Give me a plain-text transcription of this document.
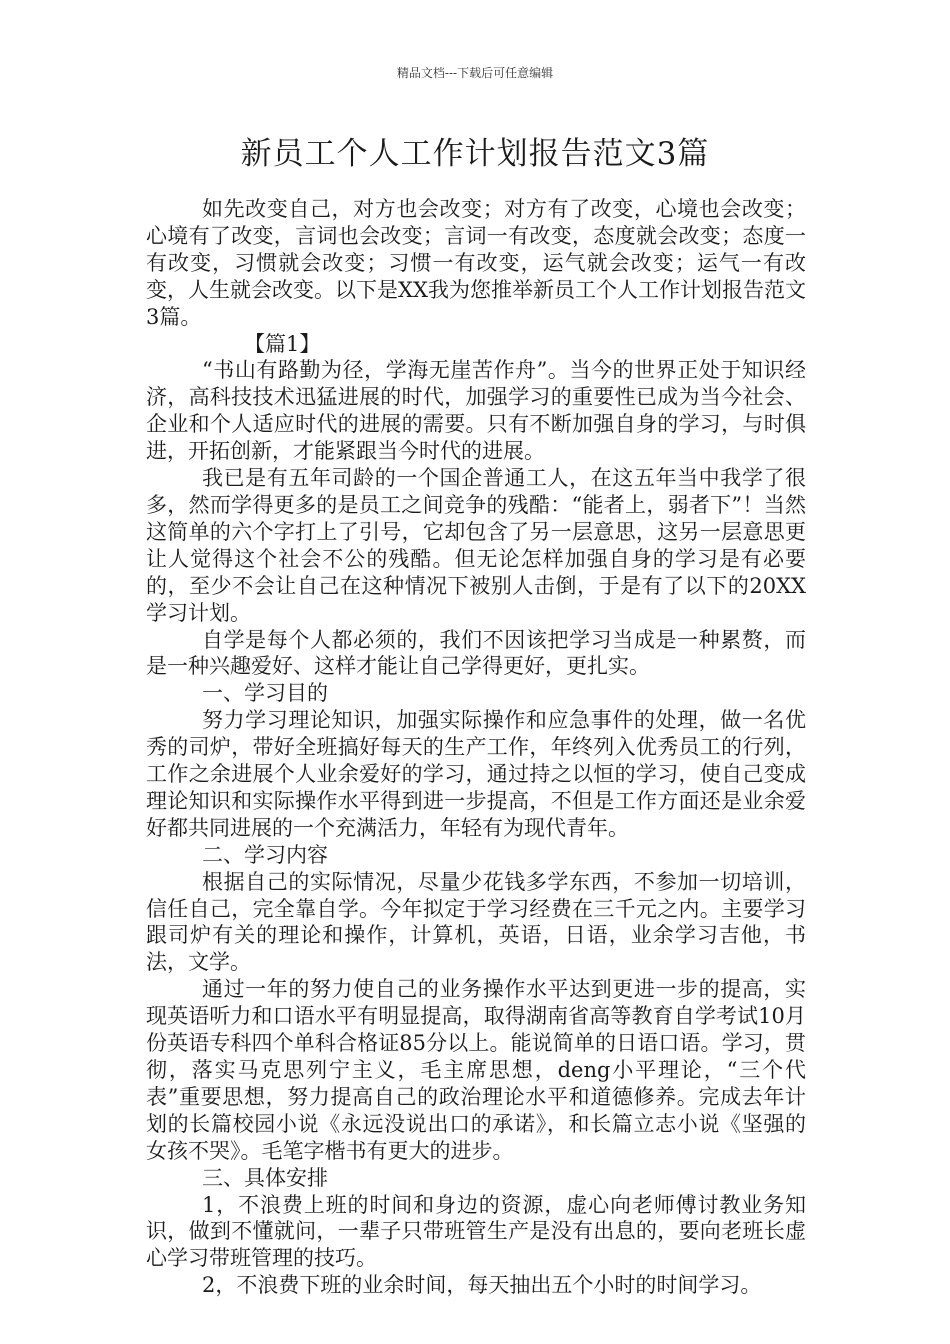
精品文档---下载后可任意编辑
新员工个人工作计划报告范文3篇

如先改变自己，对方也会改变；对方有了改变，心境也会改变；心境有了改变，言词也会改变；言词一有改变，态度就会改变；态度一有改变，习惯就会改变；习惯一有改变，运气就会改变；运气一有改变，人生就会改变。以下是XX我为您推举新员工个人工作计划报告范文3篇。

【篇1】

“书山有路勤为径，学海无崖苦作舟”。当今的世界正处于知识经济，高科技技术迅猛进展的时代，加强学习的重要性已成为当今社会、企业和个人适应时代的进展的需要。只有不断加强自身的学习，与时俱进，开拓创新，才能紧跟当今时代的进展。

我已是有五年司龄的一个国企普通工人，在这五年当中我学了很多，然而学得更多的是员工之间竞争的残酷：“能者上，弱者下”！当然这简单的六个字打上了引号，它却包含了另一层意思，这另一层意思更让人觉得这个社会不公的残酷。但无论怎样加强自身的学习是有必要的，至少不会让自己在这种情况下被别人击倒，于是有了以下的20XX学习计划。

自学是每个人都必须的，我们不因该把学习当成是一种累赘，而是一种兴趣爱好、这样才能让自己学得更好，更扎实。

一、学习目的

努力学习理论知识，加强实际操作和应急事件的处理，做一名优秀的司炉，带好全班搞好每天的生产工作，年终列入优秀员工的行列，工作之余进展个人业余爱好的学习，通过持之以恒的学习，使自己变成理论知识和实际操作水平得到进一步提高，不但是工作方面还是业余爱好都共同进展的一个充满活力，年轻有为现代青年。

二、学习内容

根据自己的实际情况，尽量少花钱多学东西，不参加一切培训，信任自己，完全靠自学。今年拟定于学习经费在三千元之内。主要学习跟司炉有关的理论和操作，计算机，英语，日语，业余学习吉他，书法，文学。

通过一年的努力使自己的业务操作水平达到更进一步的提高，实现英语听力和口语水平有明显提高，取得湖南省高等教育自学考试10月份英语专科四个单科合格证85分以上。能说简单的日语口语。学习，贯彻，落实马克思列宁主义，毛主席思想，deng小平理论，“三个代表”重要思想，努力提高自己的政治理论水平和道德修养。完成去年计划的长篇校园小说《永远没说出口的承诺》，和长篇立志小说《坚强的女孩不哭》。毛笔字楷书有更大的进步。

三、具体安排

1，不浪费上班的时间和身边的资源，虚心向老师傅讨教业务知识，做到不懂就问，一辈子只带班管生产是没有出息的，要向老班长虚心学习带班管理的技巧。

2，不浪费下班的业余时间，每天抽出五个小时的时间学习。
